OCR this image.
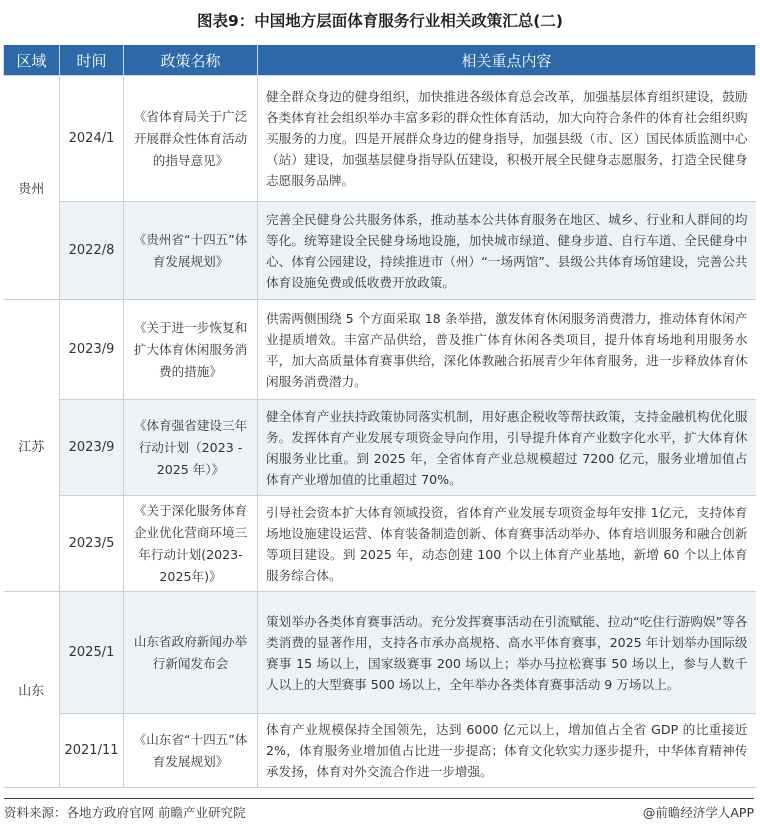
图表9：中国地方层面体育服务行业相关政策汇总(二)
区域	时间	政策名称	相关重点内容
贵州	2024/1	《省体育局关于广泛开展群众性体育活动的指导意见》	健全群众身边的健身组织，加快推进各级体育总会改革，加强基层体育组织建设，鼓励各类体育社会组织举办丰富多彩的群众性体育活动，加大向符合条件的体育社会组织购买服务的力度。四是开展群众身边的健身指导，加强县级（市、区）国民体质监测中心（站）建设，加强基层健身指导队伍建设，积极开展全民健身志愿服务，打造全民健身志愿服务品牌。
	2022/8	《贵州省“十四五”体育发展规划》	完善全民健身公共服务体系，推动基本公共体育服务在地区、城乡、行业和人群间的均等化。统筹建设全民健身场地设施，加快城市绿道、健身步道、自行车道、全民健身中心、体育公园建设，持续推进市（州）“一场两馆”、县级公共体育场馆建设，完善公共体育设施免费或低收费开放政策。
江苏	2023/9	《关于进一步恢复和扩大体育休闲服务消费的措施》	供需两侧围绕 5 个方面采取 18 条举措，激发体育休闲服务消费潜力，推动体育休闲产业提质增效。丰富产品供给，普及推广体育休闲各类项目，提升体育场地利用服务水平，加大高质量体育赛事供给，深化体教融合拓展青少年体育服务，进一步释放体育休闲服务消费潜力。
	2023/9	《体育强省建设三年行动计划（2023 - 2025 年）》	健全体育产业扶持政策协同落实机制，用好惠企税收等帮扶政策，支持金融机构优化服务。发挥体育产业发展专项资金导向作用，引导提升体育产业数字化水平，扩大体育休闲服务业比重。到 2025 年，全省体育产业总规模超过 7200 亿元，服务业增加值占体育产业增加值的比重超过 70%。
	2023/5	《关于深化服务体育企业优化营商环境三年行动计划(2023-2025年)》	引导社会资本扩大体育领域投资，省体育产业发展专项资金每年安排 1亿元，支持体育场地设施建设运营、体育装备制造创新、体育赛事活动举办、体育培训服务和融合创新等项目建设。到 2025 年，动态创建 100 个以上体育产业基地，新增 60 个以上体育服务综合体。
山东	2025/1	山东省政府新闻办举行新闻发布会	策划举办各类体育赛事活动。充分发挥赛事活动在引流赋能、拉动“吃住行游购娱”等各类消费的显著作用，支持各市承办高规格、高水平体育赛事，2025 年计划举办国际级赛事 15 场以上，国家级赛事 200 场以上；举办马拉松赛事 50 场以上，参与人数千人以上的大型赛事 500 场以上，全年举办各类体育赛事活动 9 万场以上。
	2021/11	《山东省“十四五”体育发展规划》	体育产业规模保持全国领先，达到 6000 亿元以上，增加值占全省 GDP 的比重接近 2%，体育服务业增加值占比进一步提高；体育文化软实力逐步提升，中华体育精神传承发扬，体育对外交流合作进一步增强。
资料来源：各地方政府官网 前瞻产业研究院	@前瞻经济学人APP
